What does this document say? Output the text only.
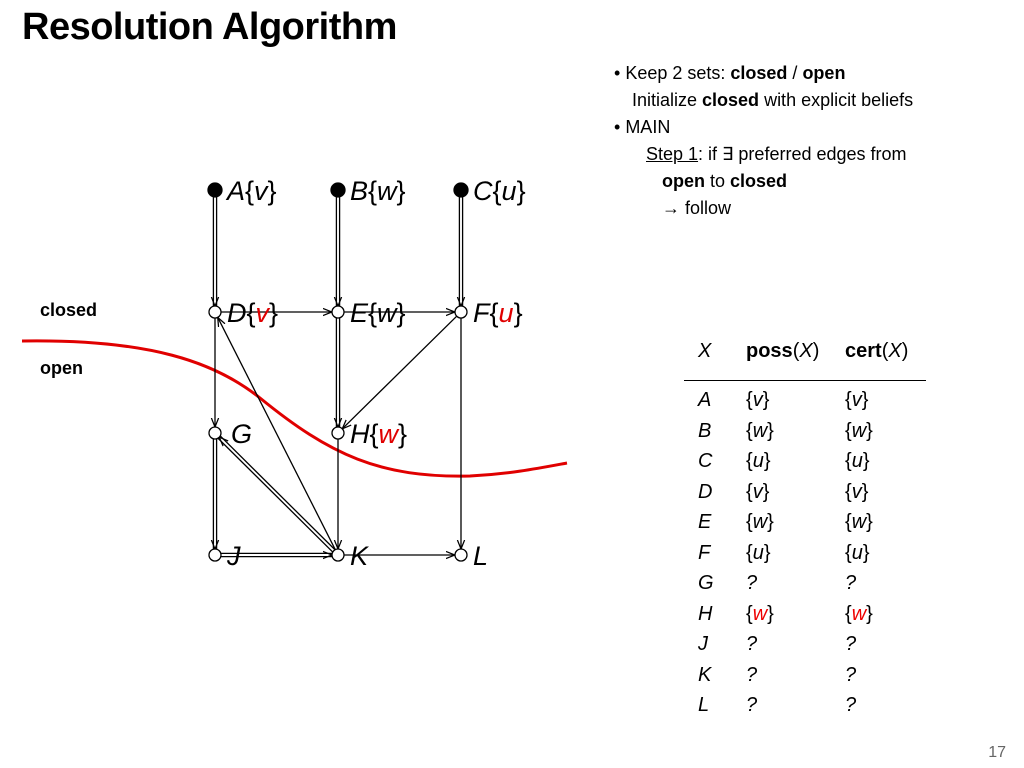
Resolution Algorithm
• Keep 2 sets: closed / open
Initialize closed with explicit beliefs
• MAIN
Step 1: if ∃ preferred edges from
open to closed
→ follow
closed
open
A{v}	B{w} C{u}
D{v}	E{w} F{u}
G	H{w}
J	K	L
X poss(X) cert(X)
A {v}	{v}
B {w}	{w}
C {u}	{u}
D {v}	{v}
E {w}	{w}
F {u}	{u}
G ?	?
H {w}	{w}
J ?	?
K ?	?
L ?	?
17
